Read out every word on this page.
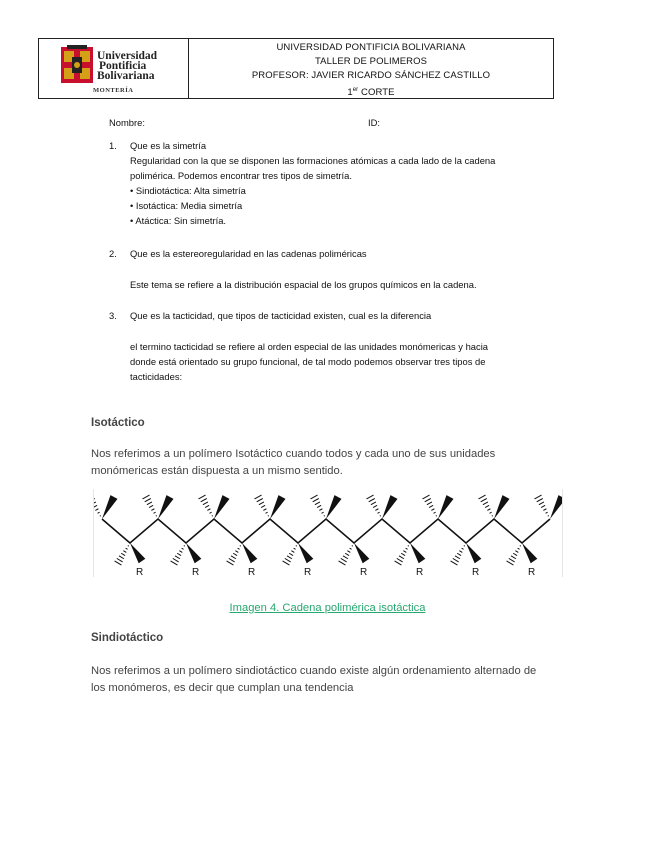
Universidad
Pontificia
Bolivariana
MONTERÍA
UNIVERSIDAD PONTIFICIA BOLIVARIANA
TALLER DE POLIMEROS
PROFESOR: JAVIER RICARDO SÁNCHEZ CASTILLO
1er CORTE
Nombre:	ID:
1. Que es la simetría
Regularidad con la que se disponen las formaciones atómicas a cada lado de la cadena
polimérica. Podemos encontrar tres tipos de simetría.
• Sindiotáctica: Alta simetría
• Isotáctica: Media simetría
• Atáctica: Sin simetría.
2. Que es la estereoregularidad en las cadenas poliméricas
Este tema se refiere a la distribución espacial de los grupos químicos en la cadena.
3. Que es la tacticidad, que tipos de tacticidad existen, cual es la diferencia
el termino tacticidad se refiere al orden especial de las unidades monómericas y hacia
donde está orientado su grupo funcional, de tal modo podemos observar tres tipos de
tacticidades:
Isotáctico
Nos referimos a un polímero Isotáctico cuando todos y cada uno de sus unidades
monómericas están dispuesta a un mismo sentido.
R	R	R	R	R	R	R	R
Imagen 4. Cadena polimérica isotáctica
Sindiotáctico
Nos referimos a un polímero sindiotáctico cuando existe algún ordenamiento alternado de
los monómeros, es decir que cumplan una tendencia
